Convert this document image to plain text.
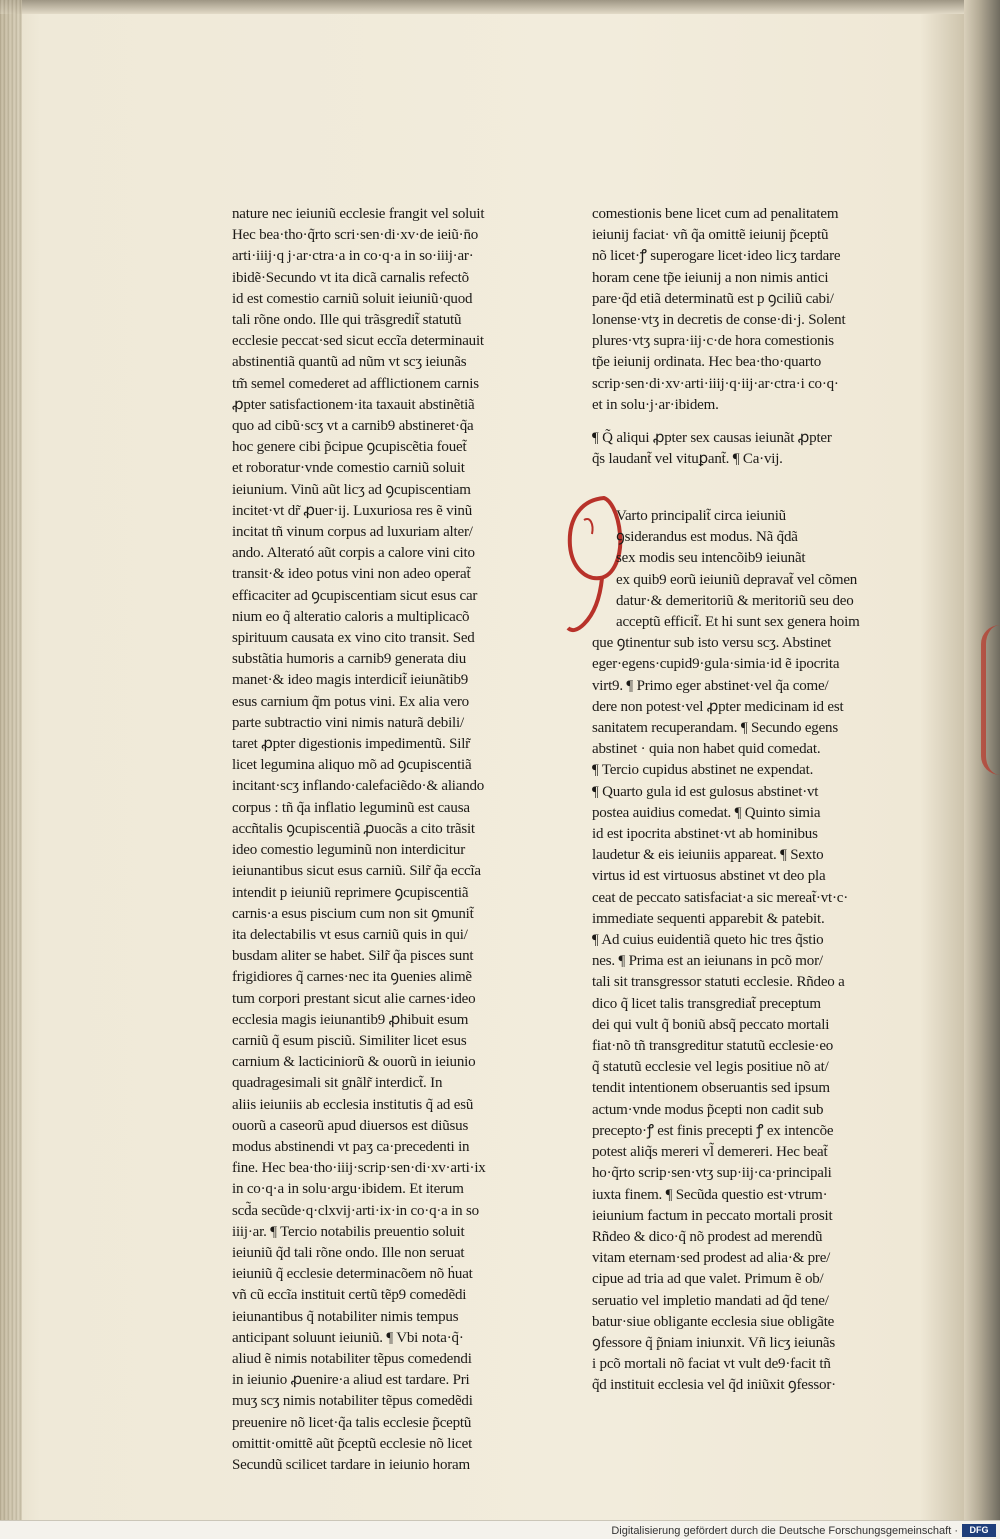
nature nec ieiuniũ ecclesie frangit vel soluit
Hec bea·tho·q̃rto scri·sen·di·xv·de ieiũ·n̄o
arti·iiij·q j·ar·ctra·a in co·q·a in so·iiij·ar·
ibidẽ·Secundo vt ita dicã carnalis refectõ
id est comestio carniũ soluit ieiuniũ·quod
tali rõne ondo. Ille qui trãsgredit̃ statutũ
ecclesie peccat·sed sicut eccĩa determinauit
abstinentiã quantũ ad nũm vt scʒ ieiunãs
tm̃ semel comederet ad afflictionem carnis
ꝓpter satisfactionem·ita taxauit abstinẽtiã
quo ad cibũ·scʒ vt a carnib9 abstineret·q̃a
hoc genere cibi p̃cipue ꝯcupiscẽtia fouet̃
et roboratur·vnde comestio carniũ soluit
ieiunium. Vinũ aũt licʒ ad ꝯcupiscentiam
incitet·vt dr̃ ꝓuer·ij. Luxuriosa res ẽ vinũ
incitat tñ vinum corpus ad luxuriam alter/
ando. Alterató aũt corpis a calore vini cito
transit·& ideo potus vini non adeo operat̃
efficaciter ad ꝯcupiscentiam sicut esus car
nium eo q̃ alteratio caloris a multiplicacõ
spirituum causata ex vino cito transit. Sed
substãtia humoris a carnib9 generata diu
manet·& ideo magis interdicit̃ ieiunãtib9
esus carnium q̃m potus vini. Ex alia vero
parte subtractio vini nimis naturã debili/
taret ꝓpter digestionis impedimentũ. Silr̃
licet legumina aliquo mõ ad ꝯcupiscentiã
incitant·scʒ inflando·calefaciẽdo·& aliando
corpus : tñ q̃a inflatio leguminũ est causa
accñtalis ꝯcupiscentiã ꝓuocãs a cito trãsit
ideo comestio leguminũ non interdicitur
ieiunantibus sicut esus carniũ. Silr̃ q̃a eccĩa
intendit p ieiuniũ reprimere ꝯcupiscentiã
carnis·a esus piscium cum non sit ꝯmunit̃
ita delectabilis vt esus carniũ quis in qui/
busdam aliter se habet. Silr̃ q̃a pisces sunt
frigidiores q̃ carnes·nec ita ꝯuenies alimẽ
tum corpori prestant sicut alie carnes·ideo
ecclesia magis ieiunantib9 ꝓhibuit esum
carniũ q̃ esum pisciũ. Similiter licet esus
carnium & lacticiniorũ & ouorũ in ieiunio
quadragesimali sit gnãlr̃ interdict̃. In
aliis ieiuniis ab ecclesia institutis q̃ ad esũ
ouorũ a caseorũ apud diuersos est diũsus
modus abstinendi vt paʒ ca·precedenti in
fine. Hec bea·tho·iiij·scrip·sen·di·xv·arti·ix
in co·q·a in solu·argu·ibidem. Et iterum
scd̃a secũde·q·clxvij·arti·ix·in co·q·a in so
iiij·ar. ¶ Tercio notabilis preuentio soluit
ieiuniũ q̃d tali rõne ondo. Ille non seruat
ieiuniũ q̃ ecclesie determinacõem nõ ḣuat
vñ cũ eccĩa instituit certũ tẽp9 comedẽdi
ieiunantibus q̃ notabiliter nimis tempus
anticipant soluunt ieiuniũ. ¶ Vbi nota·q̃·
aliud ẽ nimis notabiliter tẽpus comedendi
in ieiunio ꝓuenire·a aliud est tardare. Pri
muʒ scʒ nimis notabiliter tẽpus comedẽdi
preuenire nõ licet·q̃a talis ecclesie p̃ceptũ
omittit·omittẽ aũt p̃ceptũ ecclesie nõ licet
Secundũ scilicet tardare in ieiunio horam
comestionis bene licet cum ad penalitatem
ieiunij faciat· vñ q̃a omittẽ ieiunij p̃ceptũ
nõ licet·ꝭ superogare licet·ideo licʒ tardare
horam cene tp̃e ieiunij a non nimis antici
pare·q̃d etiã determinatũ est p ꝯciliũ cabi/
lonense·vtʒ in decretis de conse·di·j. Solent
plures·vtʒ supra·iij·c·de hora comestionis
tp̃e ieiunij ordinata. Hec bea·tho·quarto
scrip·sen·di·xv·arti·iiij·q·iij·ar·ctra·i co·q·
et in solu·j·ar·ibidem.
¶ Q̃ aliqui ꝓpter sex causas ieiunãt ꝓpter
q̃s laudant̃ vel vituꝑant̃. ¶ Ca·vij.
Varto principalit̃ circa ieiuniũ
ꝯsiderandus est modus. Nã q̃dã
sex modis seu intencõib9 ieiunãt
ex quib9 eorũ ieiuniũ depravat̃ vel cõmen
datur·& demeritoriũ & meritoriũ seu deo
acceptũ efficit̃. Et hi sunt sex genera hoim
que ꝯtinentur sub isto versu scʒ. Abstinet
eger·egens·cupid9·gula·simia·id ẽ ipocrita
virt9. ¶ Primo eger abstinet·vel q̃a come/
dere non potest·vel ꝓpter medicinam id est
sanitatem recuperandam. ¶ Secundo egens
abstinet · quia non habet quid comedat.
¶ Tercio cupidus abstinet ne expendat.
¶ Quarto gula id est gulosus abstinet·vt
postea auidius comedat. ¶ Quinto simia
id est ipocrita abstinet·vt ab hominibus
laudetur & eis ieiuniis appareat. ¶ Sexto
virtus id est virtuosus abstinet vt deo pla
ceat de peccato satisfaciat·a sic mereat̃·vt·c·
immediate sequenti apparebit & patebit.
¶ Ad cuius euidentiã queto hic tres q̃stio
nes. ¶ Prima est an ieiunans in pcõ mor/
tali sit transgressor statuti ecclesie. Rñdeo a
dico q̃ licet talis transgrediat̃ preceptum
dei qui vult q̃ boniũ absq̃ peccato mortali
fiat·nõ tñ transgreditur statutũ ecclesie·eo
q̃ statutũ ecclesie vel legis positiue nõ at/
tendit intentionem obseruantis sed ipsum
actum·vnde modus p̃cepti non cadit sub
precepto·ꝭ est finis precepti ꝭ ex intencõe
potest aliq̃s mereri vl̃ demereri. Hec beat̃
ho·q̃rto scrip·sen·vtʒ sup·iij·ca·principali
iuxta finem. ¶ Secũda questio est·vtrum·
ieiunium factum in peccato mortali prosit
Rñdeo & dico·q̃ nõ prodest ad merendũ
vitam eternam·sed prodest ad alia·& pre/
cipue ad tria ad que valet. Primum ẽ ob/
seruatio vel impletio mandati ad q̃d tene/
batur·siue obligante ecclesia siue obligãte
ꝯfessore q̃ p̃niam iniunxit. Vñ licʒ ieiunãs
i pcõ mortali nõ faciat vt vult de9·facit tñ
q̃d instituit ecclesia vel q̃d iniũxit ꝯfessor·
Digitalisierung gefördert durch die Deutsche Forschungsgemeinschaft ·	DFG
